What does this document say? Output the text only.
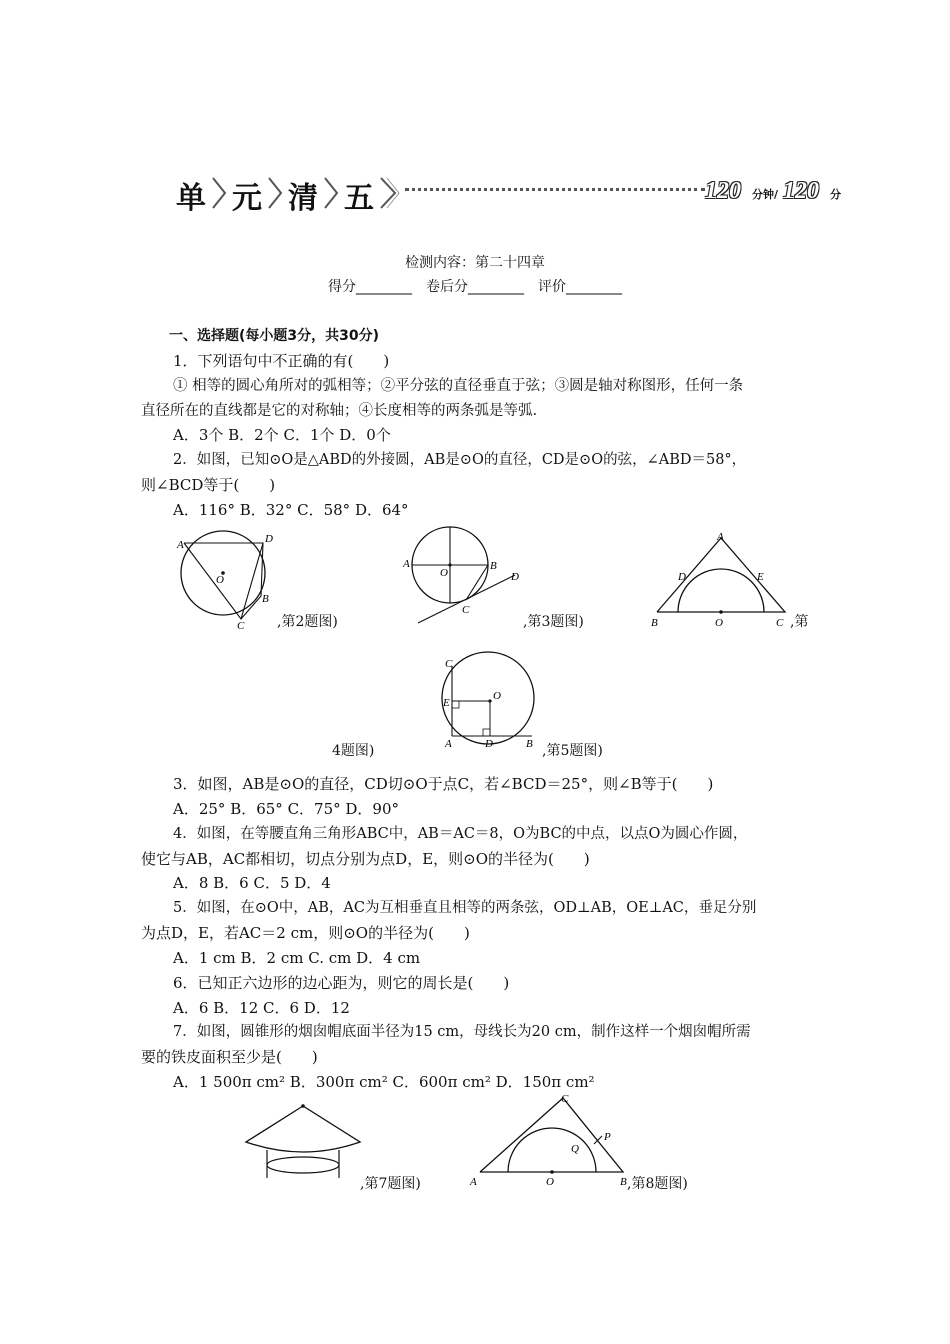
单 元 清 五	120 分钟/ 120 分
检测内容：第二十四章
得分________　卷后分________　评价________
一、选择题(每小题3分，共30分)
1．下列语句中不正确的有(　　)
① 相等的圆心角所对的弧相等；②平分弦的直径垂直于弦；③圆是轴对称图形，任何一条
直径所在的直线都是它的对称轴；④长度相等的两条弧是等弧.
A．3个 B．2个 C．1个 D．0个
2．如图，已知⊙O是△ABD的外接圆，AB是⊙O的直径，CD是⊙O的弦，∠ABD＝58°，
则∠BCD等于(　　)
A．116° B．32° C．58° D．64°
A	D
O
B
C ,第2题图)
A
O
B
D
C
,第3题图)
A
D	E
B	O	C ,第
C
O
E
A	D	B
4题图)	,第5题图)
3．如图，AB是⊙O的直径，CD切⊙O于点C，若∠BCD＝25°，则∠B等于(　　)
A．25° B．65° C．75° D．90°
4．如图，在等腰直角三角形ABC中，AB＝AC＝8，O为BC的中点，以点O为圆心作圆，
使它与AB，AC都相切，切点分别为点D，E，则⊙O的半径为(　　)
A．8 B．6 C．5 D．4
5．如图，在⊙O中，AB，AC为互相垂直且相等的两条弦，OD⊥AB，OE⊥AC，垂足分别
为点D，E，若AC＝2 cm，则⊙O的半径为(　　)
A．1 cm B．2 cm C. cm D．4 cm
6．已知正六边形的边心距为，则它的周长是(　　)
A．6 B．12 C．6 D．12
7．如图，圆锥形的烟囱帽底面半径为15 cm，母线长为20 cm，制作这样一个烟囱帽所需
要的铁皮面积至少是(　　)
A．1 500π cm² B．300π cm² C．600π cm² D．150π cm²
,第7题图)
C
P
Q
A	O	B ,第8题图)
